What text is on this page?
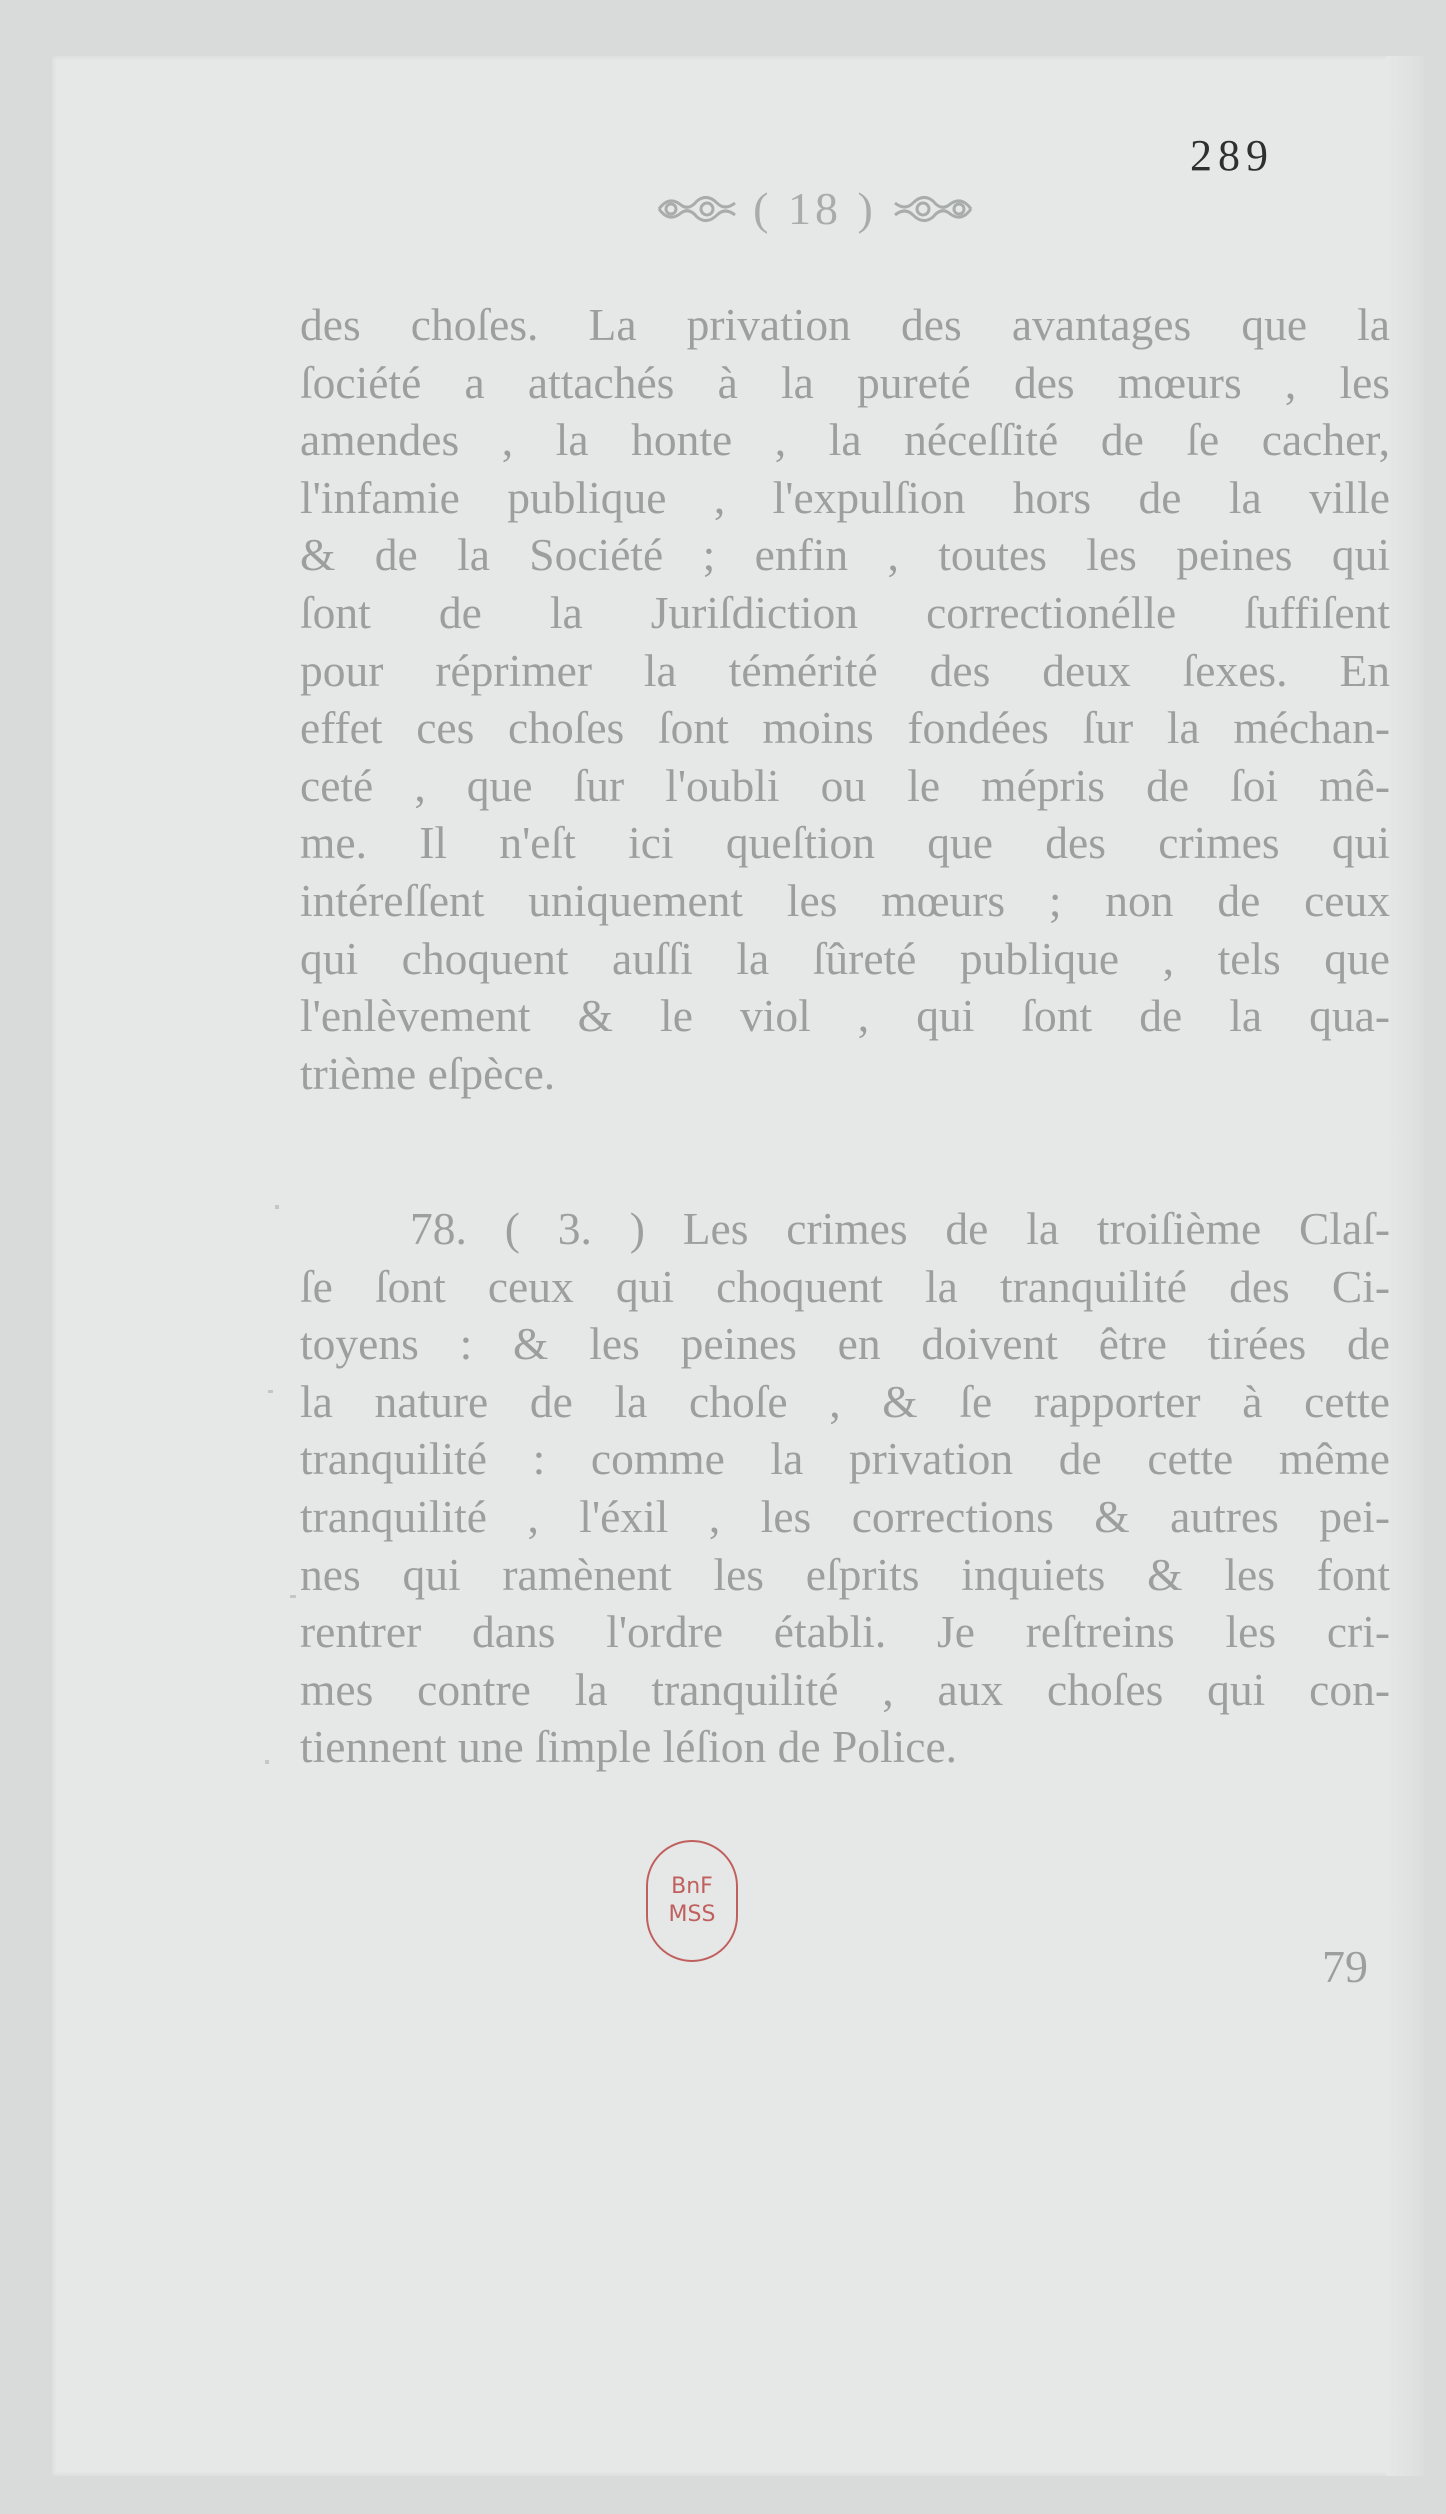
289
( 18 )
des choſes. La privation des avantages que la
ſociété a attachés à la pureté des mœurs , les
amendes , la honte , la néceſſité de ſe cacher,
l'infamie publique , l'expulſion hors de la ville
& de la Société ; enfin , toutes les peines qui
ſont de la Juriſdiction correctionélle ſuffiſent
pour réprimer la témérité des deux ſexes. En
effet ces choſes ſont moins fondées ſur la méchan-
ceté , que ſur l'oubli ou le mépris de ſoi mê-
me. Il n'eſt ici queſtion que des crimes qui
intéreſſent uniquement les mœurs ; non de ceux
qui choquent auſſi la ſûreté publique , tels que
l'enlèvement & le viol , qui ſont de la qua-
trième eſpèce.
78. ( 3. ) Les crimes de la troiſième Claſ-
ſe ſont ceux qui choquent la tranquilité des Ci-
toyens : & les peines en doivent être tirées de
la nature de la choſe , & ſe rapporter à cette
tranquilité : comme la privation de cette même
tranquilité , l'éxil , les corrections & autres pei-
nes qui ramènent les eſprits inquiets & les font
rentrer dans l'ordre établi. Je reſtreins les cri-
mes contre la tranquilité , aux choſes qui con-
tiennent une ſimple léſion de Police.
BnF
MSS
79
